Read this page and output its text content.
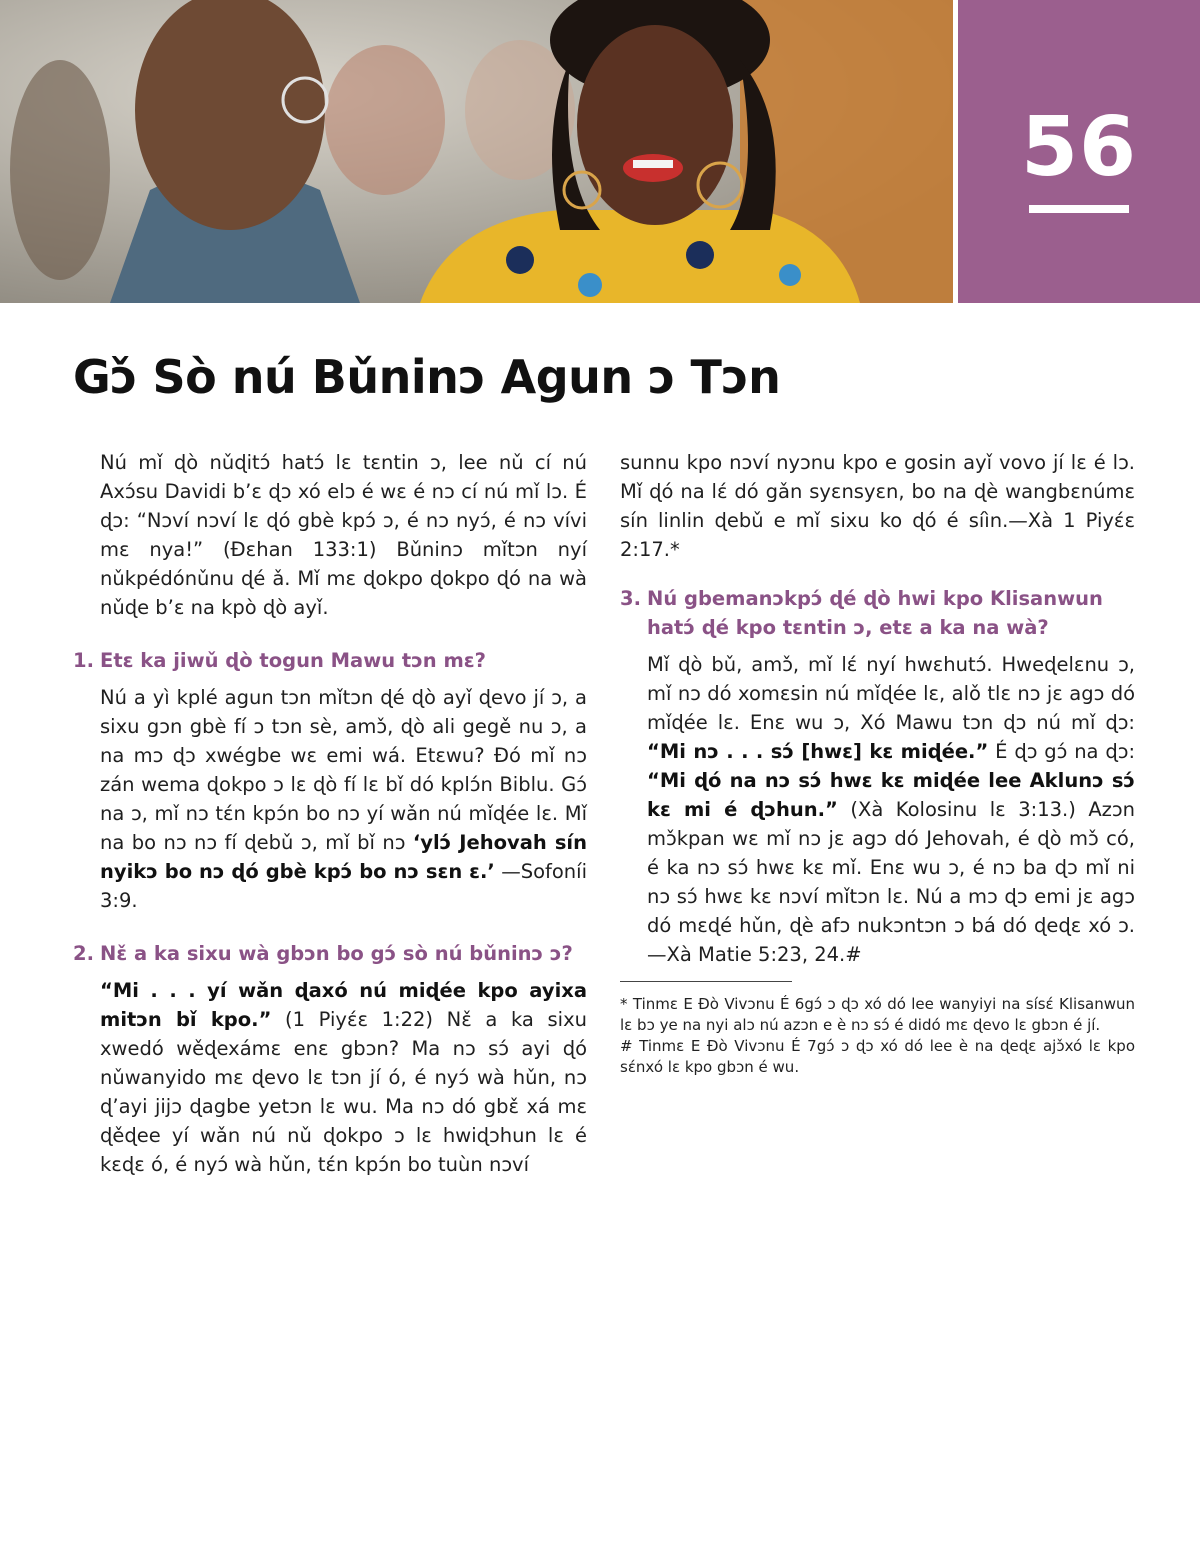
56
Gɔ̌ Sò nú Bǔninɔ Agun ɔ Tɔn

Nú mǐ ɖò nǔɖitɔ́ hatɔ́ lɛ tɛntin ɔ, lee nǔ cí nú Axɔ́su Davidi b’ɛ ɖɔ xó elɔ é wɛ é nɔ cí nú mǐ lɔ. É ɖɔ: “Nɔví nɔví lɛ ɖó gbè kpɔ́ ɔ, é nɔ nyɔ́, é nɔ vívi mɛ nya!” (Ðɛhan 133:1) Bǔninɔ mǐtɔn nyí nǔkpédónǔnu ɖé ǎ. Mǐ mɛ ɖokpo ɖokpo ɖó na wà nǔɖe b’ɛ na kpò ɖò ayǐ.

1. Etɛ ka jiwǔ ɖò togun Mawu tɔn mɛ?

Nú a yì kplé agun tɔn mǐtɔn ɖé ɖò ayǐ ɖevo jí ɔ, a sixu gɔn gbè fí ɔ tɔn sè, amɔ̌, ɖò ali gegě nu ɔ, a na mɔ ɖɔ xwégbe wɛ emi wá. Etɛwu? Ðó mǐ nɔ zán wema ɖokpo ɔ lɛ ɖò fí lɛ bǐ dó kplɔ́n Biblu. Gɔ́ na ɔ, mǐ nɔ tɛ́n kpɔ́n bo nɔ yí wǎn nú mǐɖée lɛ. Mǐ na bo nɔ nɔ fí ɖebǔ ɔ, mǐ bǐ nɔ ‘ylɔ́ Jehovah sín nyikɔ bo nɔ ɖó gbè kpɔ́ bo nɔ sɛn ɛ.’ —Sofoníi 3:9.

2. Nɛ̌ a ka sixu wà gbɔn bo gɔ́ sò nú bǔninɔ ɔ?

“Mi . . . yí wǎn ɖaxó nú miɖée kpo ayixa mitɔn bǐ kpo.” (1 Piyɛ́ɛ 1:22) Nɛ̌ a ka sixu xwedó wěɖexámɛ enɛ gbɔn? Ma nɔ sɔ́ ayi ɖó nǔwanyido mɛ ɖevo lɛ tɔn jí ó, é nyɔ́ wà hǔn, nɔ ɖ’ayi jijɔ ɖagbe yetɔn lɛ wu. Ma nɔ dó gbɛ̌ xá mɛ ɖěɖee yí wǎn nú nǔ ɖokpo ɔ lɛ hwiɖɔhun lɛ é kɛɖɛ ó, é nyɔ́ wà hǔn, tɛ́n kpɔ́n bo tuùn nɔví

sunnu kpo nɔví nyɔnu kpo e gosin ayǐ vovo jí lɛ é lɔ. Mǐ ɖó na lɛ́ dó gǎn syɛnsyɛn, bo na ɖè wangbɛnúmɛ sín linlin ɖebǔ e mǐ sixu ko ɖó é síìn.—Xà 1 Piyɛ́ɛ 2:17.*

3. Nú gbemanɔkpɔ́ ɖé ɖò hwi kpo Klisanwun

hatɔ́ ɖé kpo tɛntin ɔ, etɛ a ka na wà?

Mǐ ɖò bǔ, amɔ̌, mǐ lɛ́ nyí hwɛhutɔ́. Hweɖelɛnu ɔ, mǐ nɔ dó xomɛsin nú mǐɖée lɛ, alǒ tlɛ nɔ jɛ agɔ dó mǐɖée lɛ. Enɛ wu ɔ, Xó Mawu tɔn ɖɔ nú mǐ ɖɔ: “Mi nɔ . . . sɔ́ [hwɛ] kɛ miɖée.” É ɖɔ gɔ́ na ɖɔ: “Mi ɖó na nɔ sɔ́ hwɛ kɛ miɖée lee Aklunɔ sɔ́ kɛ mi é ɖɔhun.” (Xà Kolosinu lɛ 3:13.) Azɔn mɔ̌kpan wɛ mǐ nɔ jɛ agɔ dó Jehovah, é ɖò mɔ̌ có, é ka nɔ sɔ́ hwɛ kɛ mǐ. Enɛ wu ɔ, é nɔ ba ɖɔ mǐ ni nɔ sɔ́ hwɛ kɛ nɔví mǐtɔn lɛ. Nú a mɔ ɖɔ emi jɛ agɔ dó mɛɖé hǔn, ɖè afɔ nukɔntɔn ɔ bá dó ɖeɖɛ xó ɔ.—Xà Matie 5:23, 24.#

* Tinmɛ E Ðò Vivɔnu É 6gɔ́ ɔ ɖɔ xó dó lee wanyiyi na sísɛ́ Klisanwun lɛ bɔ ye na nyi alɔ nú azɔn e è nɔ sɔ́ é didó mɛ ɖevo lɛ gbɔn é jí.

# Tinmɛ E Ðò Vivɔnu É 7gɔ́ ɔ ɖɔ xó dó lee è na ɖeɖɛ ajɔ̌xó lɛ kpo sɛ́nxó lɛ kpo gbɔn é wu.
